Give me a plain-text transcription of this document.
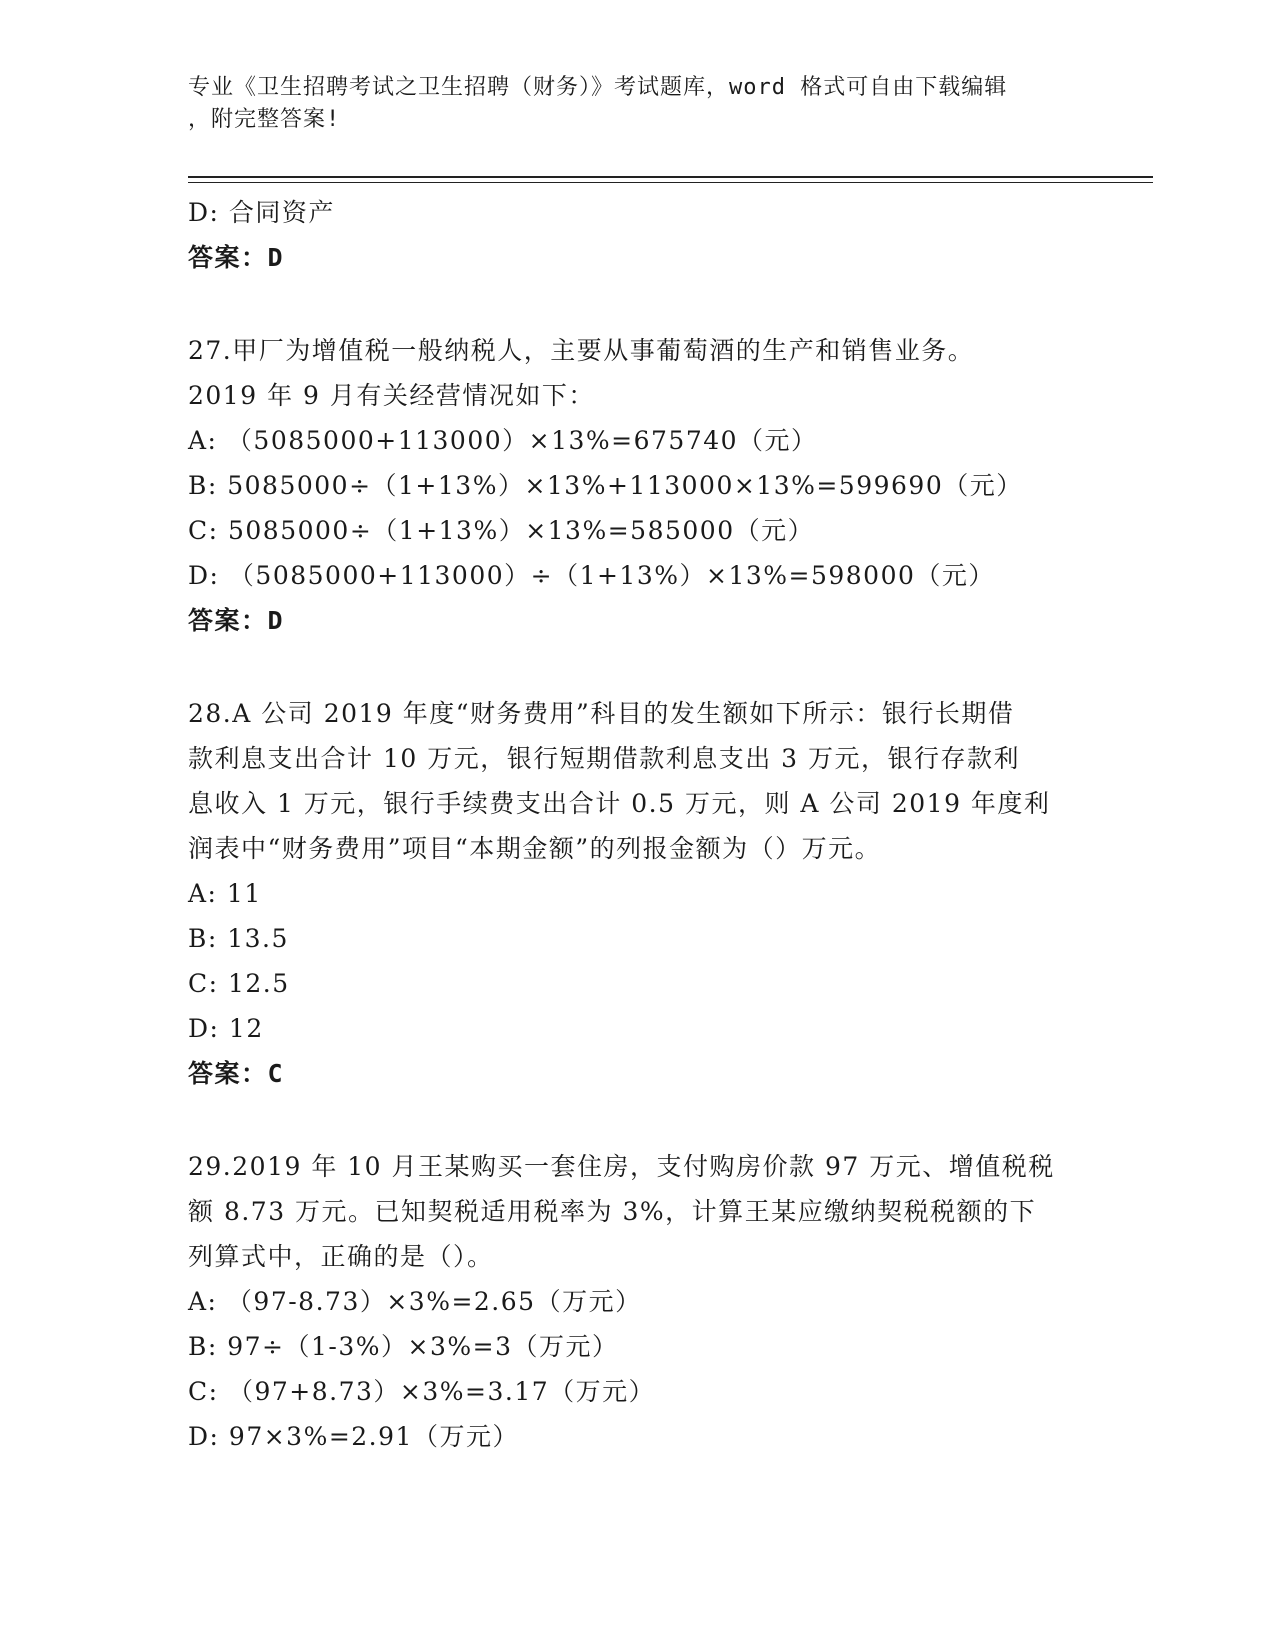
专业《卫生招聘考试之卫生招聘（财务）》考试题库，word 格式可自由下载编辑
，附完整答案!
D: 合同资产
答案：D
27.甲厂为增值税一般纳税人，主要从事葡萄酒的生产和销售业务。
2019 年 9 月有关经营情况如下：
A: （5085000+113000）×13%=675740（元）
B: 5085000÷（1+13%）×13%+113000×13%=599690（元）
C: 5085000÷（1+13%）×13%=585000（元）
D: （5085000+113000）÷（1+13%）×13%=598000（元）
答案：D
28.A 公司 2019 年度“财务费用”科目的发生额如下所示：银行长期借
款利息支出合计 10 万元，银行短期借款利息支出 3 万元，银行存款利
息收入 1 万元，银行手续费支出合计 0.5 万元，则 A 公司 2019 年度利
润表中“财务费用”项目“本期金额”的列报金额为（）万元。
A: 11
B: 13.5
C: 12.5
D: 12
答案：C
29.2019 年 10 月王某购买一套住房，支付购房价款 97 万元、增值税税
额 8.73 万元。已知契税适用税率为 3%，计算王某应缴纳契税税额的下
列算式中，正确的是（）。
A: （97-8.73）×3%=2.65（万元）
B: 97÷（1-3%）×3%=3（万元）
C: （97+8.73）×3%=3.17（万元）
D: 97×3%=2.91（万元）
